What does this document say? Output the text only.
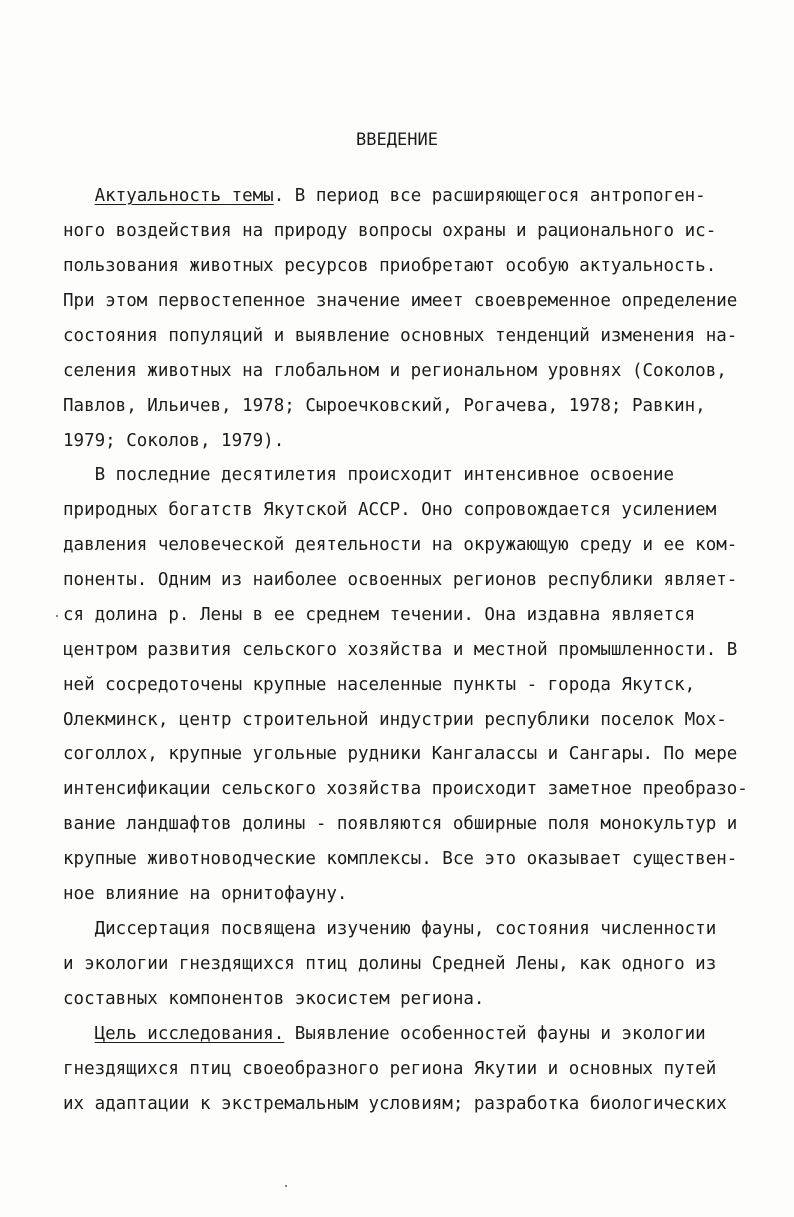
ВВЕДЕНИЕ
Актуальность темы. В период все расширяющегося антропоген-
ного воздействия на природу вопросы охраны и рационального ис-
пользования животных ресурсов приобретают особую актуальность.
При этом первостепенное значение имеет своевременное определение
состояния популяций и выявление основных тенденций изменения на-
селения животных на глобальном и региональном уровнях (Соколов,
Павлов, Ильичев, 1978; Сыроечковский, Рогачева, 1978; Равкин,
1979; Соколов, 1979).
В последние десятилетия происходит интенсивное освоение
природных богатств Якутской АССР. Оно сопровождается усилением
давления человеческой деятельности на окружающую среду и ее ком-
поненты. Одним из наиболее освоенных регионов республики являет-
ся долина р. Лены в ее среднем течении. Она издавна является
центром развития сельского хозяйства и местной промышленности. В
ней сосредоточены крупные населенные пункты - города Якутск,
Олекминск, центр строительной индустрии республики поселок Мох-
соголлох, крупные угольные рудники Кангалассы и Сангары. По мере
интенсификации сельского хозяйства происходит заметное преобразо-
вание ландшафтов долины - появляются обширные поля монокультур и
крупные животноводческие комплексы. Все это оказывает существен-
ное влияние на орнитофауну.
Диссертация посвящена изучению фауны, состояния численности
и экологии гнездящихся птиц долины Средней Лены, как одного из
составных компонентов экосистем региона.
Цель исследования. Выявление особенностей фауны и экологии
гнездящихся птиц своеобразного региона Якутии и основных путей
их адаптации к экстремальным условиям; разработка биологических
